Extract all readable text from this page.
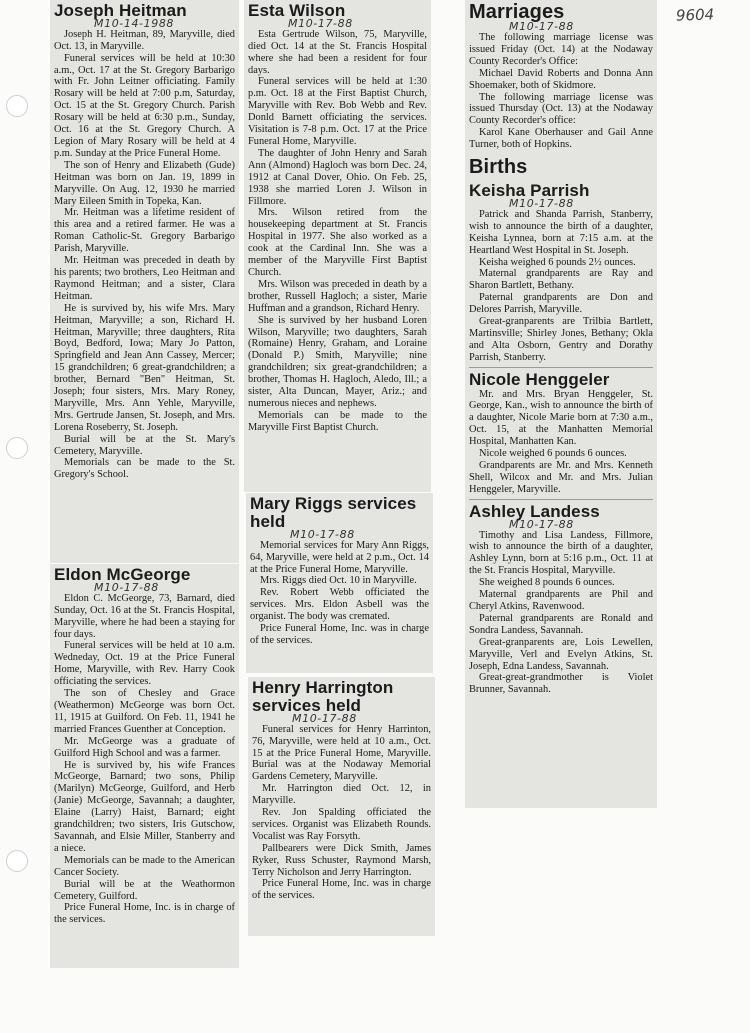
9604
Joseph Heitman
M10-14-1988

Joseph H. Heitman, 89, Maryville, died Oct. 13, in Maryville.

Funeral services will be held at 10:30 a.m., Oct. 17 at the St. Gregory Barbarigo with Fr. John Leitner officiating. Family Rosary will be held at 7:00 p.m, Saturday, Oct. 15 at the St. Gregory Church. Parish Rosary will be held at 6:30 p.m., Sunday, Oct. 16 at the St. Gregory Church. A Legion of Mary Rosary will be held at 4 p.m. Sunday at the Price Funeral Home.

The son of Henry and Elizabeth (Gude) Heitman was born on Jan. 19, 1899 in Maryville. On Aug. 12, 1930 he married Mary Eileen Smith in Topeka, Kan.

Mr. Heitman was a lifetime resident of this area and a retired farmer. He was a Roman Catholic-St. Gregory Barbarigo Parish, Maryville.

Mr. Heitman was preceded in death by his parents; two brothers, Leo Heitman and Raymond Heitman; and a sister, Clara Heitman.

He is survived by, his wife Mrs. Mary Heitman, Maryville; a son, Richard H. Heitman, Maryville; three daughters, Rita Boyd, Bedford, Iowa; Mary Jo Patton, Springfield and Jean Ann Cassey, Mercer; 15 grandchildren; 6 great-grandchildren; a brother, Bernard "Ben" Heitman, St. Joseph; four sisters, Mrs. Mary Roney, Maryville, Mrs. Ann Yehle, Maryville, Mrs. Gertrude Jansen, St. Joseph, and Mrs. Lorena Roseberry, St. Joseph.

Burial will be at the St. Mary's Cemetery, Maryville.

Memorials can be made to the St. Gregory's School.

Eldon McGeorge
M10-17-88

Eldon C. McGeorge, 73, Barnard, died Sunday, Oct. 16 at the St. Francis Hospital, Maryville, where he had been a staying for four days.

Funeral services will be held at 10 a.m. Wedneday, Oct. 19 at the Price Funeral Home, Maryville, with Rev. Harry Cook officiating the services.

The son of Chesley and Grace (Weathermon) McGeorge was born Oct. 11, 1915 at Guilford. On Feb. 11, 1941 he married Frances Guenther at Conception.

Mr. McGeorge was a graduate of Guilford High School and was a farmer.

He is survived by, his wife Frances McGeorge, Barnard; two sons, Philip (Marilyn) McGeorge, Guilford, and Herb (Janie) McGeorge, Savannah; a daughter, Elaine (Larry) Haist, Barnard; eight grandchildren; two sisters, Iris Gutschow, Savannah, and Elsie Miller, Stanberry and a niece.

Memorials can be made to the American Cancer Society.

Burial will be at the Weathormon Cemetery, Guilford.

Price Funeral Home, Inc. is in charge of the services.

Esta Wilson
M10-17-88

Esta Gertrude Wilson, 75, Maryville, died Oct. 14 at the St. Francis Hospital where she had been a resident for four days.

Funeral services will be held at 1:30 p.m. Oct. 18 at the First Baptist Church, Maryville with Rev. Bob Webb and Rev. Donld Barnett officiating the services. Visitation is 7-8 p.m. Oct. 17 at the Price Funeral Home, Maryville.

The daughter of John Henry and Sarah Ann (Almond) Hagloch was born Dec. 24, 1912 at Canal Dover, Ohio. On Feb. 25, 1938 she married Loren J. Wilson in Fillmore.

Mrs. Wilson retired from the housekeeping department at St. Francis Hospital in 1977. She also worked as a cook at the Cardinal Inn. She was a member of the Maryville First Baptist Church.

Mrs. Wilson was preceded in death by a brother, Russell Hagloch; a sister, Marie Huffman and a grandson, Richard Henry.

She is survived by her husband Loren Wilson, Maryville; two daughters, Sarah (Romaine) Henry, Graham, and Loraine (Donald P.) Smith, Maryville; nine grandchildren; six great-grandchildren; a brother, Thomas H. Hagloch, Aledo, Ill.; a sister, Alta Duncan, Mayer, Ariz.; and numerous nieces and nephews.

Memorials can be made to the Maryville First Baptist Church.

Mary Riggs services held
M10-17-88

Memorial services for Mary Ann Riggs, 64, Maryville, were held at 2 p.m., Oct. 14 at the Price Funeral Home, Maryville.

Mrs. Riggs died Oct. 10 in Maryville.

Rev. Robert Webb officiated the services. Mrs. Eldon Asbell was the organist. The body was cremated.

Price Funeral Home, Inc. was in charge of the services.

Henry Harrington services held
M10-17-88

Funeral services for Henry Harrinton, 76, Maryville, were held at 10 a.m., Oct. 15 at the Price Funeral Home, Maryville. Burial was at the Nodaway Memorial Gardens Cemetery, Maryville.

Mr. Harrington died Oct. 12, in Maryville.

Rev. Jon Spalding officiated the services. Organist was Elizabeth Rounds. Vocalist was Ray Forsyth.

Pallbearers were Dick Smith, James Ryker, Russ Schuster, Raymond Marsh, Terry Nicholson and Jerry Harrington.

Price Funeral Home, Inc. was in charge of the services.

Marriages
M10-17-88

The following marriage license was issued Friday (Oct. 14) at the Nodaway County Recorder's Office:

Michael David Roberts and Donna Ann Shoemaker, both of Skidmore.

The following marriage license was issued Thursday (Oct. 13) at the Nodaway County Recorder's office:

Karol Kane Oberhauser and Gail Anne Turner, both of Hopkins.

Births
Keisha Parrish
M10-17-88

Patrick and Shanda Parrish, Stanberry, wish to announce the birth of a daughter, Keisha Lynnea, born at 7:15 a.m. at the Heartland West Hospital in St. Joseph.

Keisha weighed 6 pounds 2½ ounces.

Maternal grandparents are Ray and Sharon Bartlett, Bethany.

Paternal grandparents are Don and Delores Parrish, Maryville.

Great-granparents are Trilbia Bartlett, Martinsville; Shirley Jones, Bethany; Okla and Alta Osborn, Gentry and Dorathy Parrish, Stanberry.

Nicole Henggeler

Mr. and Mrs. Bryan Henggeler, St. George, Kan., wish to announce the birth of a daughter, Nicole Marie born at 7:30 a.m., Oct. 15, at the Manhatten Memorial Hospital, Manhatten Kan.

Nicole weighed 6 pounds 6 ounces.

Grandparents are Mr. and Mrs. Kenneth Shell, Wilcox and Mr. and Mrs. Julian Henggeler, Maryville.

Ashley Landess
M10-17-88

Timothy and Lisa Landess, Fillmore, wish to announce the birth of a daughter, Ashley Lynn, born at 5:16 p.m., Oct. 11 at the St. Francis Hospital, Maryville.

She weighed 8 pounds 6 ounces.

Maternal grandparents are Phil and Cheryl Atkins, Ravenwood.

Paternal grandparents are Ronald and Sondra Landess, Savannah.

Great-granparents are, Lois Lewellen, Maryville, Verl and Evelyn Atkins, St. Joseph, Edna Landess, Savannah.

Great-great-grandmother is Violet Brunner, Savannah.
